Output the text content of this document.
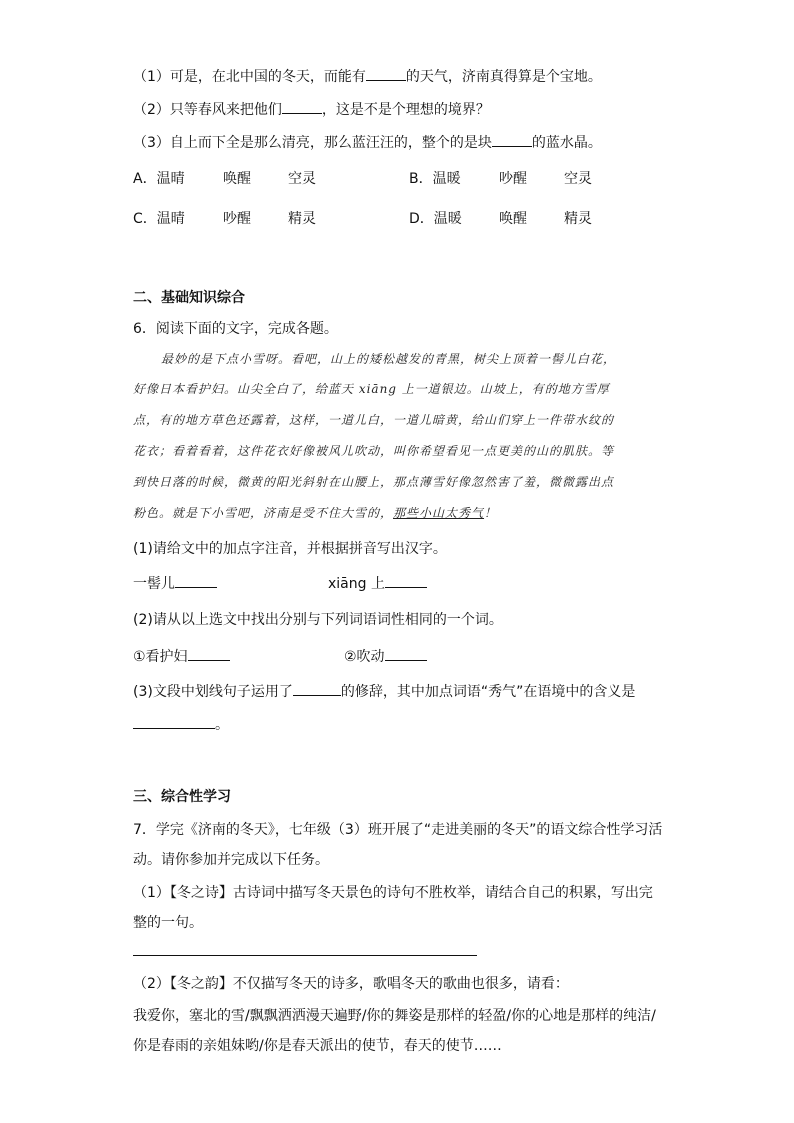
（1）可是，在北中国的冬天，而能有	的天气，济南真得算是个宝地。
（2）只等春风来把他们	，这是不是个理想的境界？
（3）自上而下全是那么清亮，那么蓝汪汪的，整个的是块	的蓝水晶。
A．温晴	唤醒	空灵	B．温暖	吵醒	空灵
C．温晴	吵醒	精灵	D．温暖	唤醒	精灵
二、基础知识综合
6．阅读下面的文字，完成各题。
最妙的是下点小雪呀。看吧，山上的矮松越发的青黑，树尖上顶着一髻儿白花，
好像日本看护妇。山尖全白了，给蓝天 xiāng 上一道银边。山坡上，有的地方雪厚
点，有的地方草色还露着，这样，一道儿白，一道儿暗黄，给山们穿上一件带水纹的
花衣；看着看着，这件花衣好像被风儿吹动，叫你希望看见一点更美的山的肌肤。等
到快日落的时候，微黄的阳光斜射在山腰上，那点薄雪好像忽然害了羞，微微露出点
粉色。就是下小雪吧，济南是受不住大雪的，那些小山太秀气！
(1)请给文中的加点字注音，并根据拼音写出汉字。
一髻儿	xiāng 上
(2)请从以上选文中找出分别与下列词语词性相同的一个词。
①看护妇	②吹动
(3)文段中划线句子运用了	的修辞，其中加点词语“秀气”在语境中的含义是
。
三、综合性学习
7．学完《济南的冬天》，七年级（3）班开展了“走进美丽的冬天”的语文综合性学习活
动。请你参加并完成以下任务。
（1）【冬之诗】古诗词中描写冬天景色的诗句不胜枚举，请结合自己的积累，写出完
整的一句。
（2）【冬之韵】不仅描写冬天的诗多，歌唱冬天的歌曲也很多，请看：
我爱你，塞北的雪/飘飘洒洒漫天遍野/你的舞姿是那样的轻盈/你的心地是那样的纯洁/
你是春雨的亲姐妹哟/你是春天派出的使节，春天的使节……
